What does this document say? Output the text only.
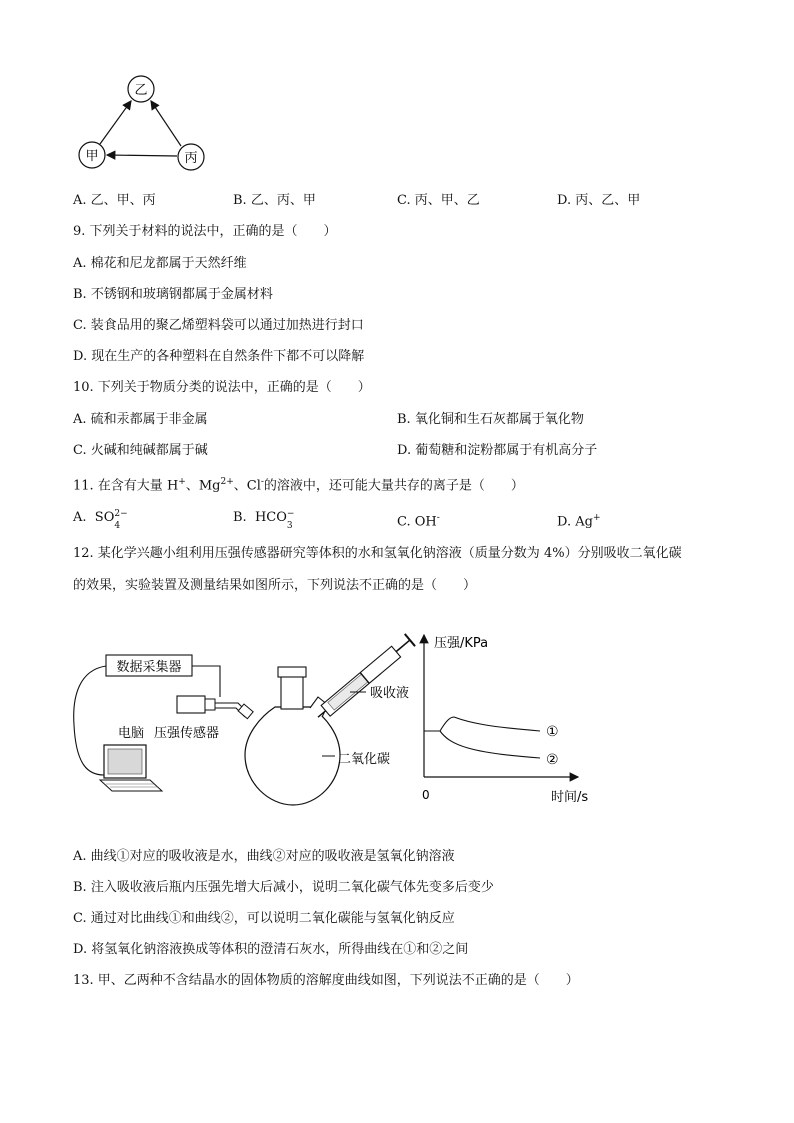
乙
甲	丙
A. 乙、甲、丙	B. 乙、丙、甲	C. 丙、甲、乙	D. 丙、乙、甲
9. 下列关于材料的说法中，正确的是（　　）
A. 棉花和尼龙都属于天然纤维
B. 不锈钢和玻璃钢都属于金属材料
C. 装食品用的聚乙烯塑料袋可以通过加热进行封口
D. 现在生产的各种塑料在自然条件下都不可以降解
10. 下列关于物质分类的说法中，正确的是（　　）
A. 硫和汞都属于非金属	B. 氧化铜和生石灰都属于氧化物
C. 火碱和纯碱都属于碱	D. 葡萄糖和淀粉都属于有机高分子
11. 在含有大量 H+、$Mg^{2+}$、Cl-的溶液中，还可能大量共存的离子是（　　）
A. SO 2−
4
B. HCO −
3	C. OH-	D. Ag+
12. 某化学兴趣小组利用压强传感器研究等体积的水和氢氧化钠溶液（质量分数为 4%）分别吸收二氧化碳
的效果，实验装置及测量结果如图所示，下列说法不正确的是（　　）
数据采集器
电脑 压强传感器
吸收液
二氧化碳
压强/KPa
0	时间/s
①
②
A. 曲线①对应的吸收液是水，曲线②对应的吸收液是氢氧化钠溶液
B. 注入吸收液后瓶内压强先增大后减小，说明二氧化碳气体先变多后变少
C. 通过对比曲线①和曲线②，可以说明二氧化碳能与氢氧化钠反应
D. 将氢氧化钠溶液换成等体积的澄清石灰水，所得曲线在①和②之间
13. 甲、乙两种不含结晶水的固体物质的溶解度曲线如图，下列说法不正确的是（　　）
